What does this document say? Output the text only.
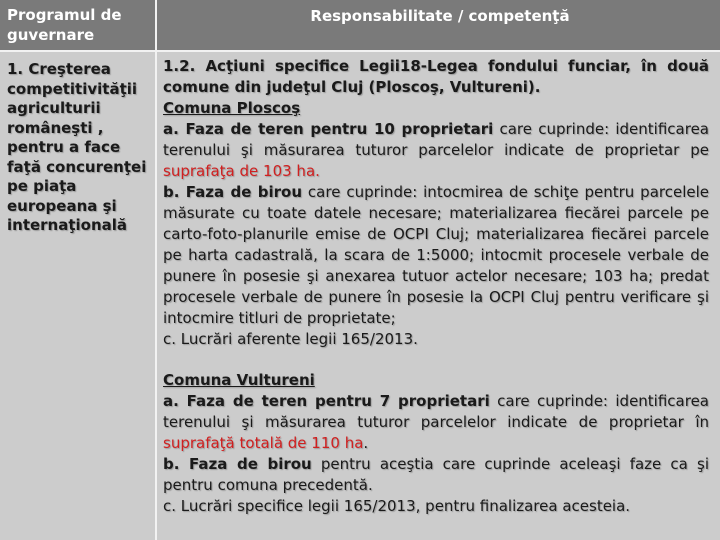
Programul de guvernare
Responsabilitate / competenţă
1. Creşterea competitivităţii agriculturii româneşti , pentru a face faţă concurenţei pe piaţa europeana şi internaţională

1.2. Acţiuni specifice Legii18-Legea fondului funciar, în două comune din judeţul Cluj (Ploscoş, Vultureni).

Comuna Ploscoş

a. Faza de teren pentru 10 proprietari care cuprinde: identificarea terenului şi măsurarea tuturor parcelelor indicate de proprietar pe suprafaţa de 103 ha.

b. Faza de birou care cuprinde: intocmirea de schiţe pentru parcelele măsurate cu toate datele necesare; materializarea fiecărei parcele pe carto-foto-planurile emise de OCPI Cluj; materializarea fiecărei parcele pe harta cadastrală, la scara de 1:5000; intocmit procesele verbale de punere în posesie şi anexarea tutuor actelor necesare; 103 ha; predat procesele verbale de punere în posesie la OCPI Cluj pentru verificare şi intocmire titluri de proprietate;

c. Lucrări aferente legii 165/2013.

Comuna Vultureni

a. Faza de teren pentru 7 proprietari care cuprinde: identificarea terenului şi măsurarea tuturor parcelelor indicate de proprietar în suprafaţă totală de 110 ha.

b. Faza de birou pentru aceştia care cuprinde aceleaşi faze ca şi pentru comuna precedentă.

c. Lucrări specifice legii 165/2013, pentru finalizarea acesteia.
